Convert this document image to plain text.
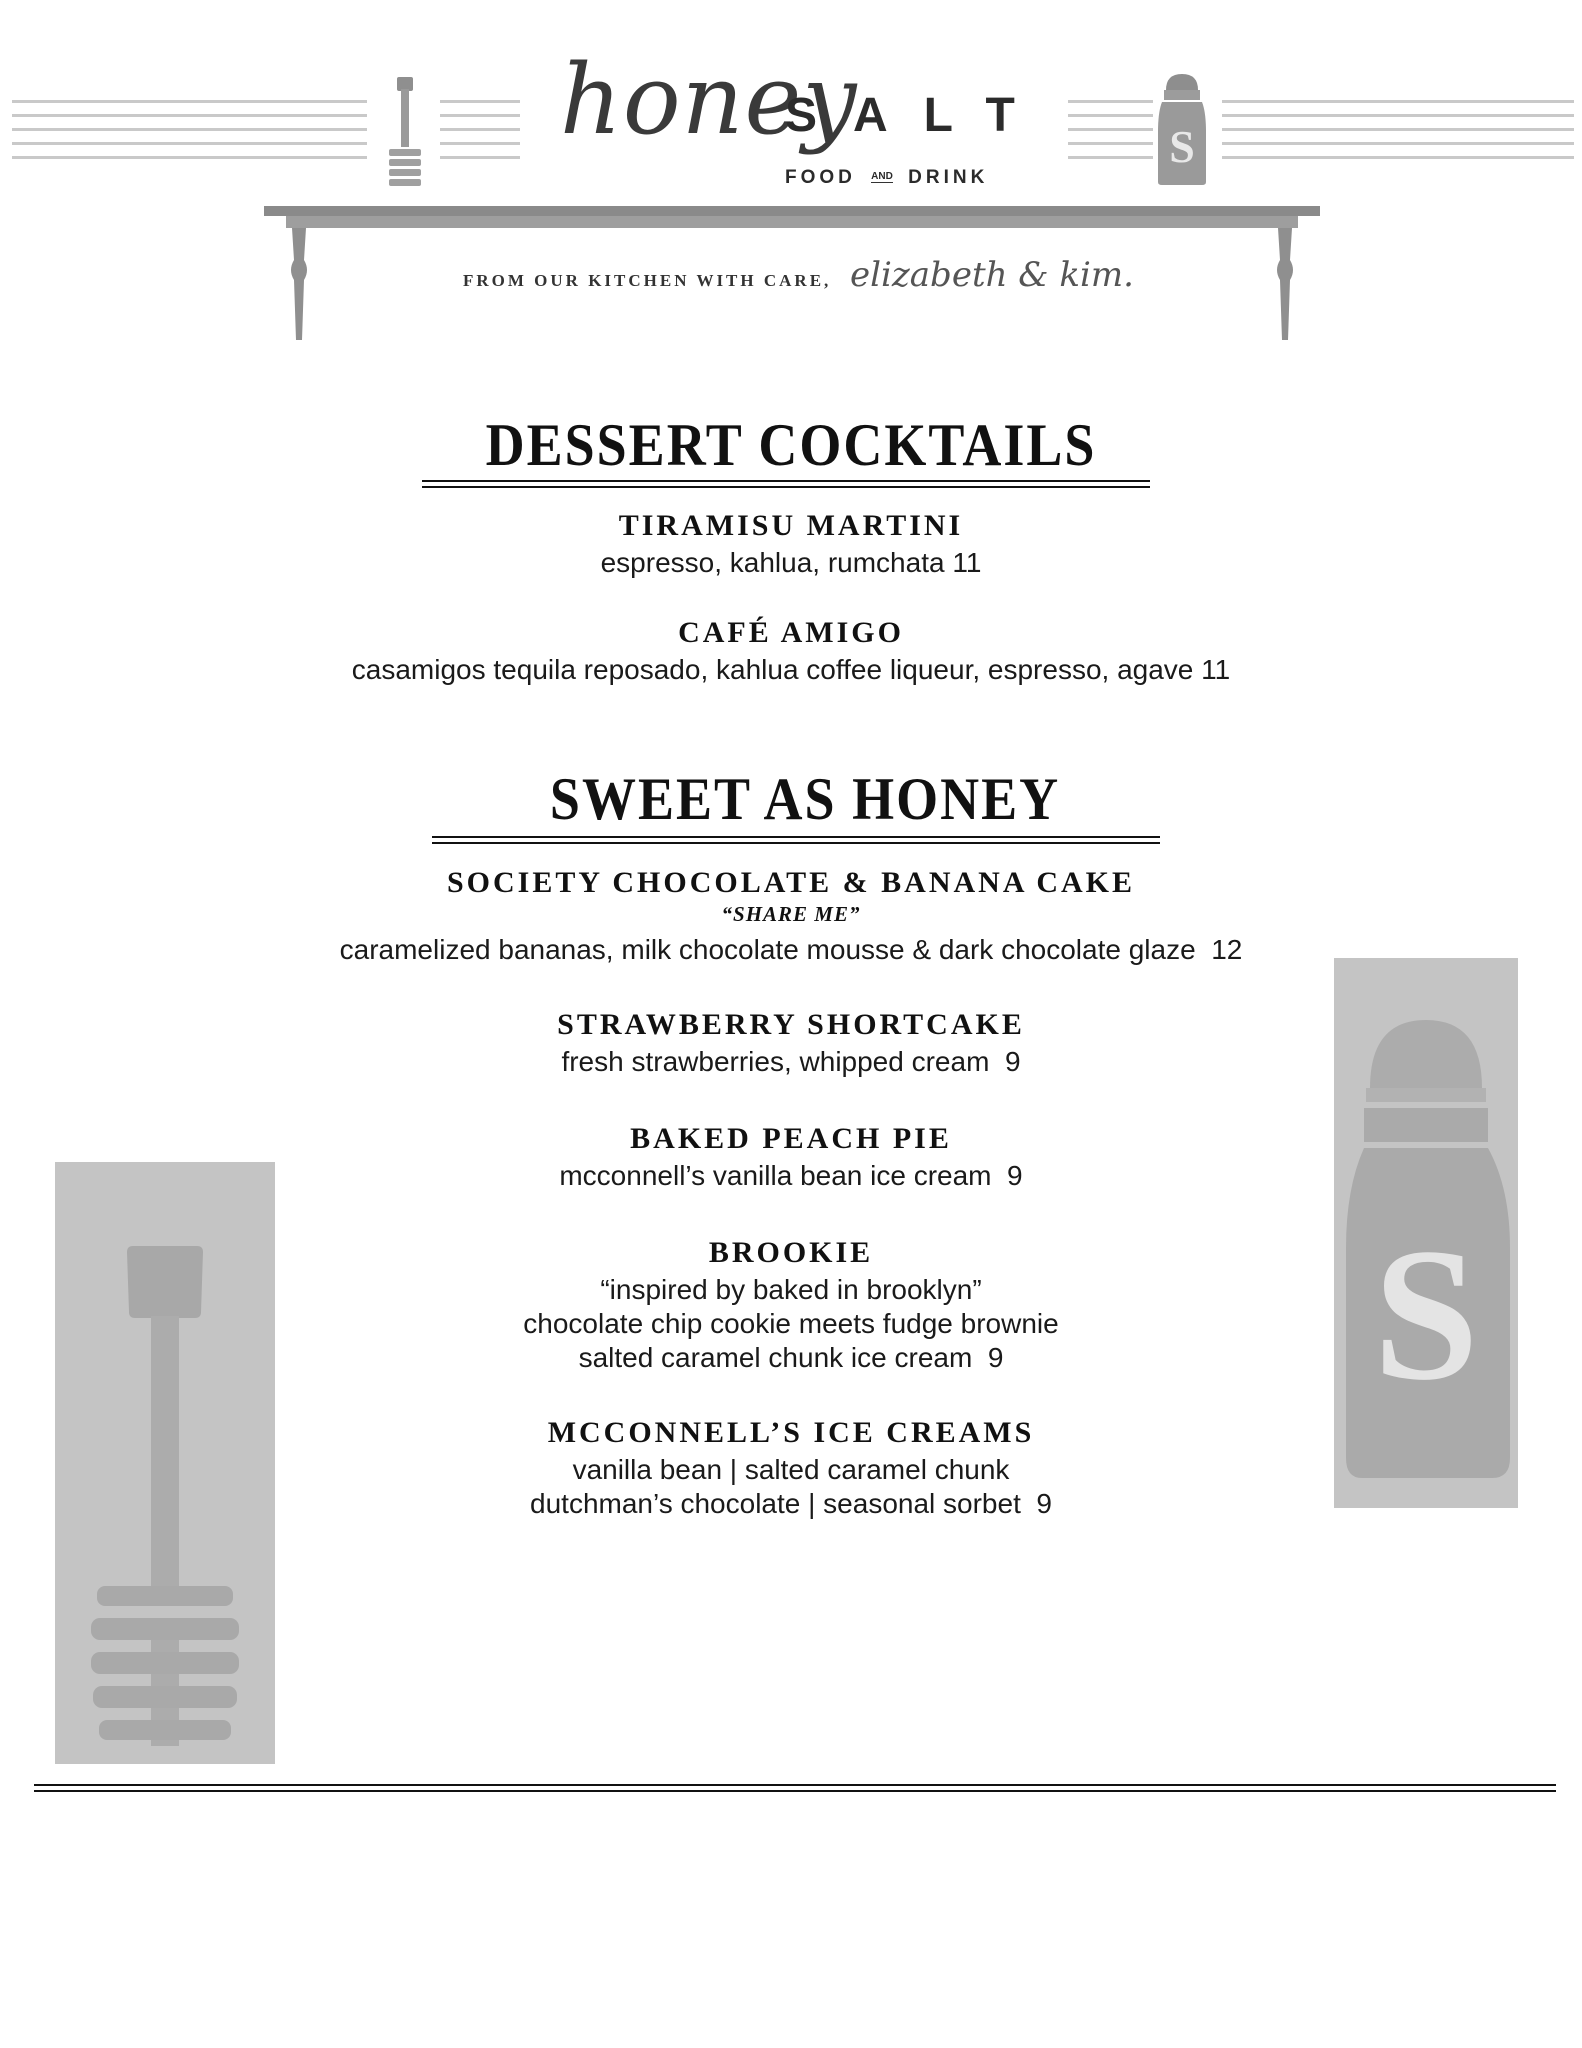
S
honey
SALT
FOOD $^{AND}$ DRINK
FROM OUR KITCHEN WITH CARE, elizabeth & kim.
DESSERT COCKTAILS
TIRAMISU MARTINI
espresso, kahlua, rumchata 11
CAFÉ AMIGO
casamigos tequila reposado, kahlua coffee liqueur, espresso, agave 11
SWEET AS HONEY
SOCIETY CHOCOLATE & BANANA CAKE
“SHARE ME”
caramelized bananas, milk chocolate mousse & dark chocolate glaze  12
STRAWBERRY SHORTCAKE
fresh strawberries, whipped cream  9
BAKED PEACH PIE
mcconnell’s vanilla bean ice cream  9
BROOKIE
“inspired by baked in brooklyn”
chocolate chip cookie meets fudge brownie
salted caramel chunk ice cream  9
MCCONNELL’S ICE CREAMS
vanilla bean | salted caramel chunk
dutchman’s chocolate | seasonal sorbet  9
S
